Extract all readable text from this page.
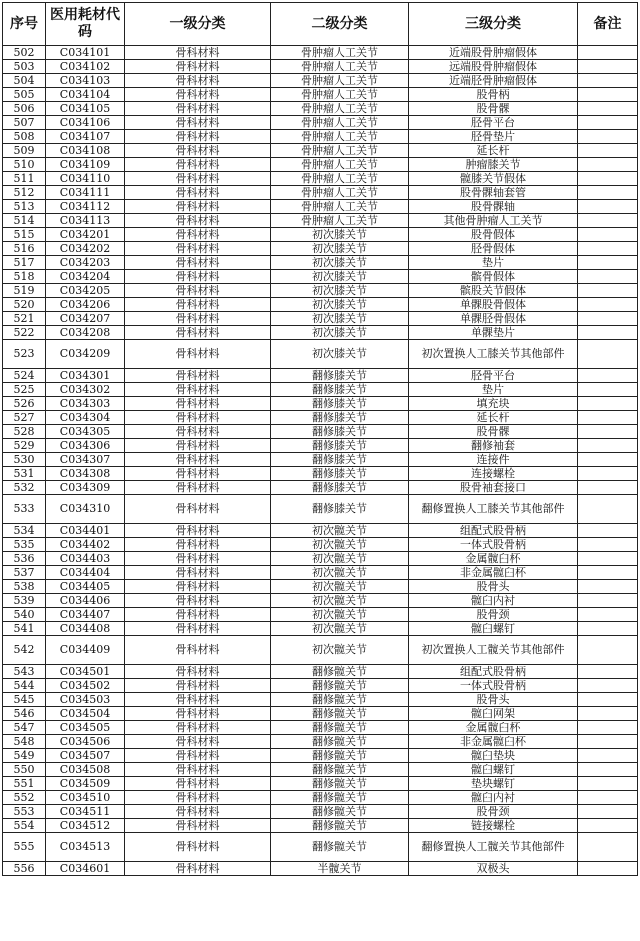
序号	医用耗材代码	一级分类	二级分类	三级分类	备注
502	C034101	骨科材料	骨肿瘤人工关节	近端股骨肿瘤假体	
503	C034102	骨科材料	骨肿瘤人工关节	远端股骨肿瘤假体	
504	C034103	骨科材料	骨肿瘤人工关节	近端胫骨肿瘤假体	
505	C034104	骨科材料	骨肿瘤人工关节	股骨柄	
506	C034105	骨科材料	骨肿瘤人工关节	股骨髁	
507	C034106	骨科材料	骨肿瘤人工关节	胫骨平台	
508	C034107	骨科材料	骨肿瘤人工关节	胫骨垫片	
509	C034108	骨科材料	骨肿瘤人工关节	延长杆	
510	C034109	骨科材料	骨肿瘤人工关节	肿瘤膝关节	
511	C034110	骨科材料	骨肿瘤人工关节	髋膝关节假体	
512	C034111	骨科材料	骨肿瘤人工关节	股骨髁轴套管	
513	C034112	骨科材料	骨肿瘤人工关节	股骨髁轴	
514	C034113	骨科材料	骨肿瘤人工关节	其他骨肿瘤人工关节	
515	C034201	骨科材料	初次膝关节	股骨假体	
516	C034202	骨科材料	初次膝关节	胫骨假体	
517	C034203	骨科材料	初次膝关节	垫片	
518	C034204	骨科材料	初次膝关节	髌骨假体	
519	C034205	骨科材料	初次膝关节	髌股关节假体	
520	C034206	骨科材料	初次膝关节	单髁股骨假体	
521	C034207	骨科材料	初次膝关节	单髁胫骨假体	
522	C034208	骨科材料	初次膝关节	单髁垫片	
523	C034209	骨科材料	初次膝关节	初次置换人工膝关节其他部件	
524	C034301	骨科材料	翻修膝关节	胫骨平台	
525	C034302	骨科材料	翻修膝关节	垫片	
526	C034303	骨科材料	翻修膝关节	填充块	
527	C034304	骨科材料	翻修膝关节	延长杆	
528	C034305	骨科材料	翻修膝关节	股骨髁	
529	C034306	骨科材料	翻修膝关节	翻修袖套	
530	C034307	骨科材料	翻修膝关节	连接件	
531	C034308	骨科材料	翻修膝关节	连接螺栓	
532	C034309	骨科材料	翻修膝关节	股骨袖套接口	
533	C034310	骨科材料	翻修膝关节	翻修置换人工膝关节其他部件	
534	C034401	骨科材料	初次髋关节	组配式股骨柄	
535	C034402	骨科材料	初次髋关节	一体式股骨柄	
536	C034403	骨科材料	初次髋关节	金属髋臼杯	
537	C034404	骨科材料	初次髋关节	非金属髋臼杯	
538	C034405	骨科材料	初次髋关节	股骨头	
539	C034406	骨科材料	初次髋关节	髋臼内衬	
540	C034407	骨科材料	初次髋关节	股骨颈	
541	C034408	骨科材料	初次髋关节	髋臼螺钉	
542	C034409	骨科材料	初次髋关节	初次置换人工髋关节其他部件	
543	C034501	骨科材料	翻修髋关节	组配式股骨柄	
544	C034502	骨科材料	翻修髋关节	一体式股骨柄	
545	C034503	骨科材料	翻修髋关节	股骨头	
546	C034504	骨科材料	翻修髋关节	髋臼网架	
547	C034505	骨科材料	翻修髋关节	金属髋臼杯	
548	C034506	骨科材料	翻修髋关节	非金属髋臼杯	
549	C034507	骨科材料	翻修髋关节	髋臼垫块	
550	C034508	骨科材料	翻修髋关节	髋臼螺钉	
551	C034509	骨科材料	翻修髋关节	垫块螺钉	
552	C034510	骨科材料	翻修髋关节	髋臼内衬	
553	C034511	骨科材料	翻修髋关节	股骨颈	
554	C034512	骨科材料	翻修髋关节	链接螺栓	
555	C034513	骨科材料	翻修髋关节	翻修置换人工髋关节其他部件	
556	C034601	骨科材料	半髋关节	双极头	
